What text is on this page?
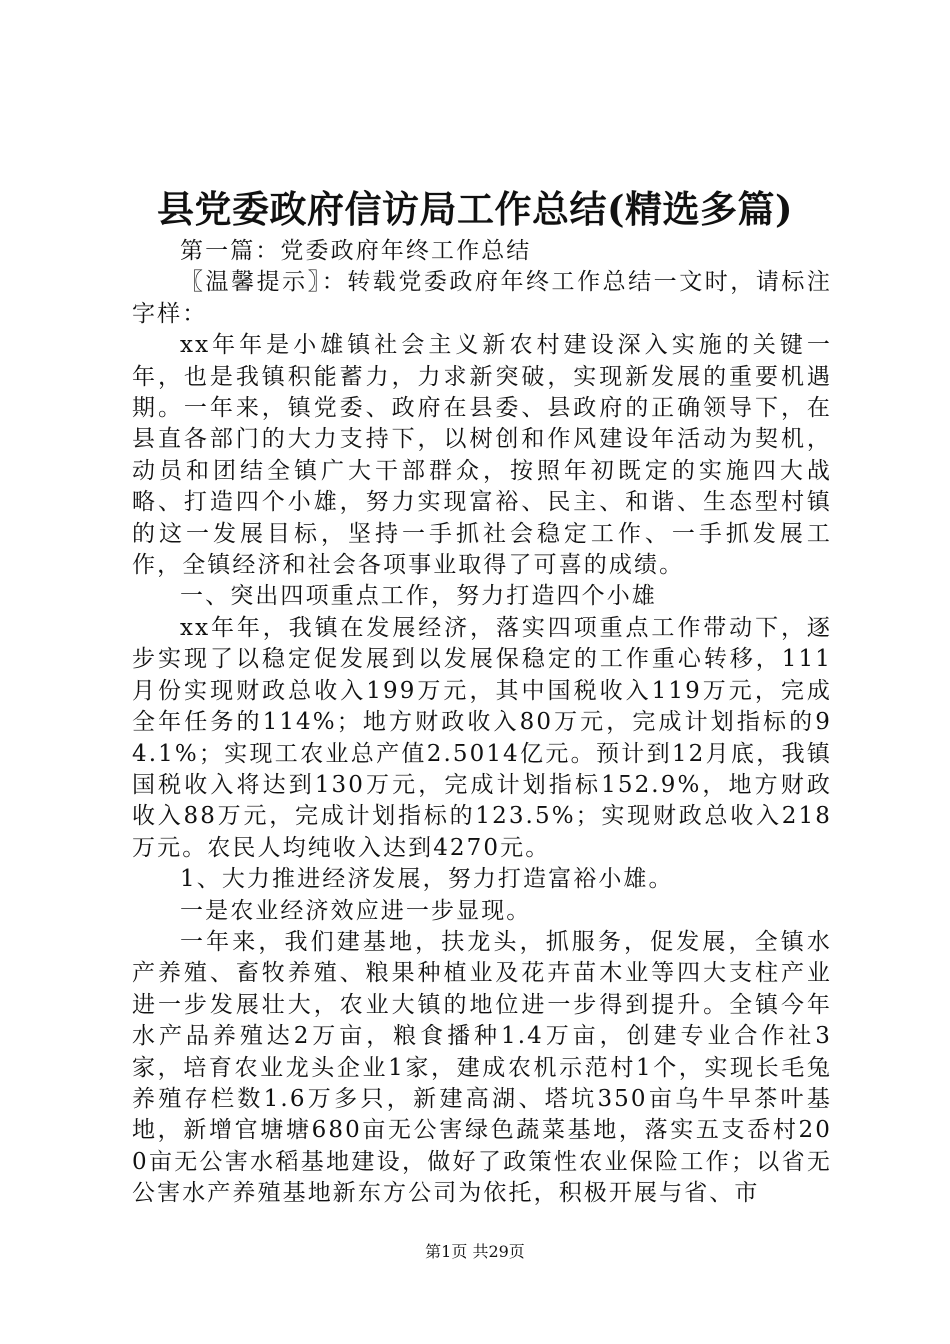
县党委政府信访局工作总结(精选多篇)

第一篇：党委政府年终工作总结

〖温馨提示〗：转载党委政府年终工作总结一文时，请标注字样：

xx年年是小雄镇社会主义新农村建设深入实施的关键一年，也是我镇积能蓄力，力求新突破，实现新发展的重要机遇期。一年来，镇党委、政府在县委、县政府的正确领导下，在县直各部门的大力支持下，以树创和作风建设年活动为契机，动员和团结全镇广大干部群众，按照年初既定的实施四大战略、打造四个小雄，努力实现富裕、民主、和谐、生态型村镇的这一发展目标，坚持一手抓社会稳定工作、一手抓发展工作，全镇经济和社会各项事业取得了可喜的成绩。

一、突出四项重点工作，努力打造四个小雄

xx年年，我镇在发展经济，落实四项重点工作带动下，逐步实现了以稳定促发展到以发展保稳定的工作重心转移，111月份实现财政总收入199万元，其中国税收入119万元，完成全年任务的114%；地方财政收入80万元，完成计划指标的94.1%；实现工农业总产值2.5014亿元。预计到12月底，我镇国税收入将达到130万元，完成计划指标152.9%，地方财政收入88万元，完成计划指标的123.5%；实现财政总收入218万元。农民人均纯收入达到4270元。

1、大力推进经济发展，努力打造富裕小雄。

一是农业经济效应进一步显现。

一年来，我们建基地，扶龙头，抓服务，促发展，全镇水产养殖、畜牧养殖、粮果种植业及花卉苗木业等四大支柱产业进一步发展壮大，农业大镇的地位进一步得到提升。全镇今年水产品养殖达2万亩，粮食播种1.4万亩，创建专业合作社3家，培育农业龙头企业1家，建成农机示范村1个，实现长毛兔养殖存栏数1.6万多只，新建高湖、塔坑350亩乌牛早茶叶基地，新增官塘塘680亩无公害绿色蔬菜基地，落实五支岙村200亩无公害水稻基地建设，做好了政策性农业保险工作；以省无公害水产养殖基地新东方公司为依托，积极开展与省、市

第1页 共29页
